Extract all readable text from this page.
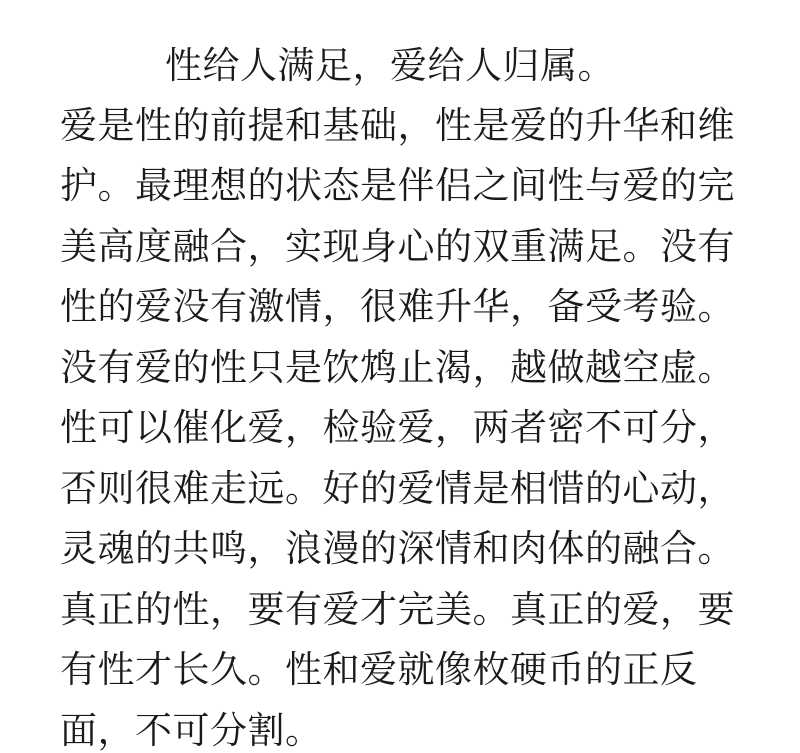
性给人满足，爱给人归属。
爱是性的前提和基础，性是爱的升华和维
护。最理想的状态是伴侣之间性与爱的完
美高度融合，实现身心的双重满足。没有
性的爱没有激情，很难升华，备受考验。
没有爱的性只是饮鸩止渴，越做越空虚。
性可以催化爱，检验爱，两者密不可分，
否则很难走远。好的爱情是相惜的心动，
灵魂的共鸣，浪漫的深情和肉体的融合。
真正的性，要有爱才完美。真正的爱，要
有性才长久。性和爱就像枚硬币的正反
面，不可分割。
